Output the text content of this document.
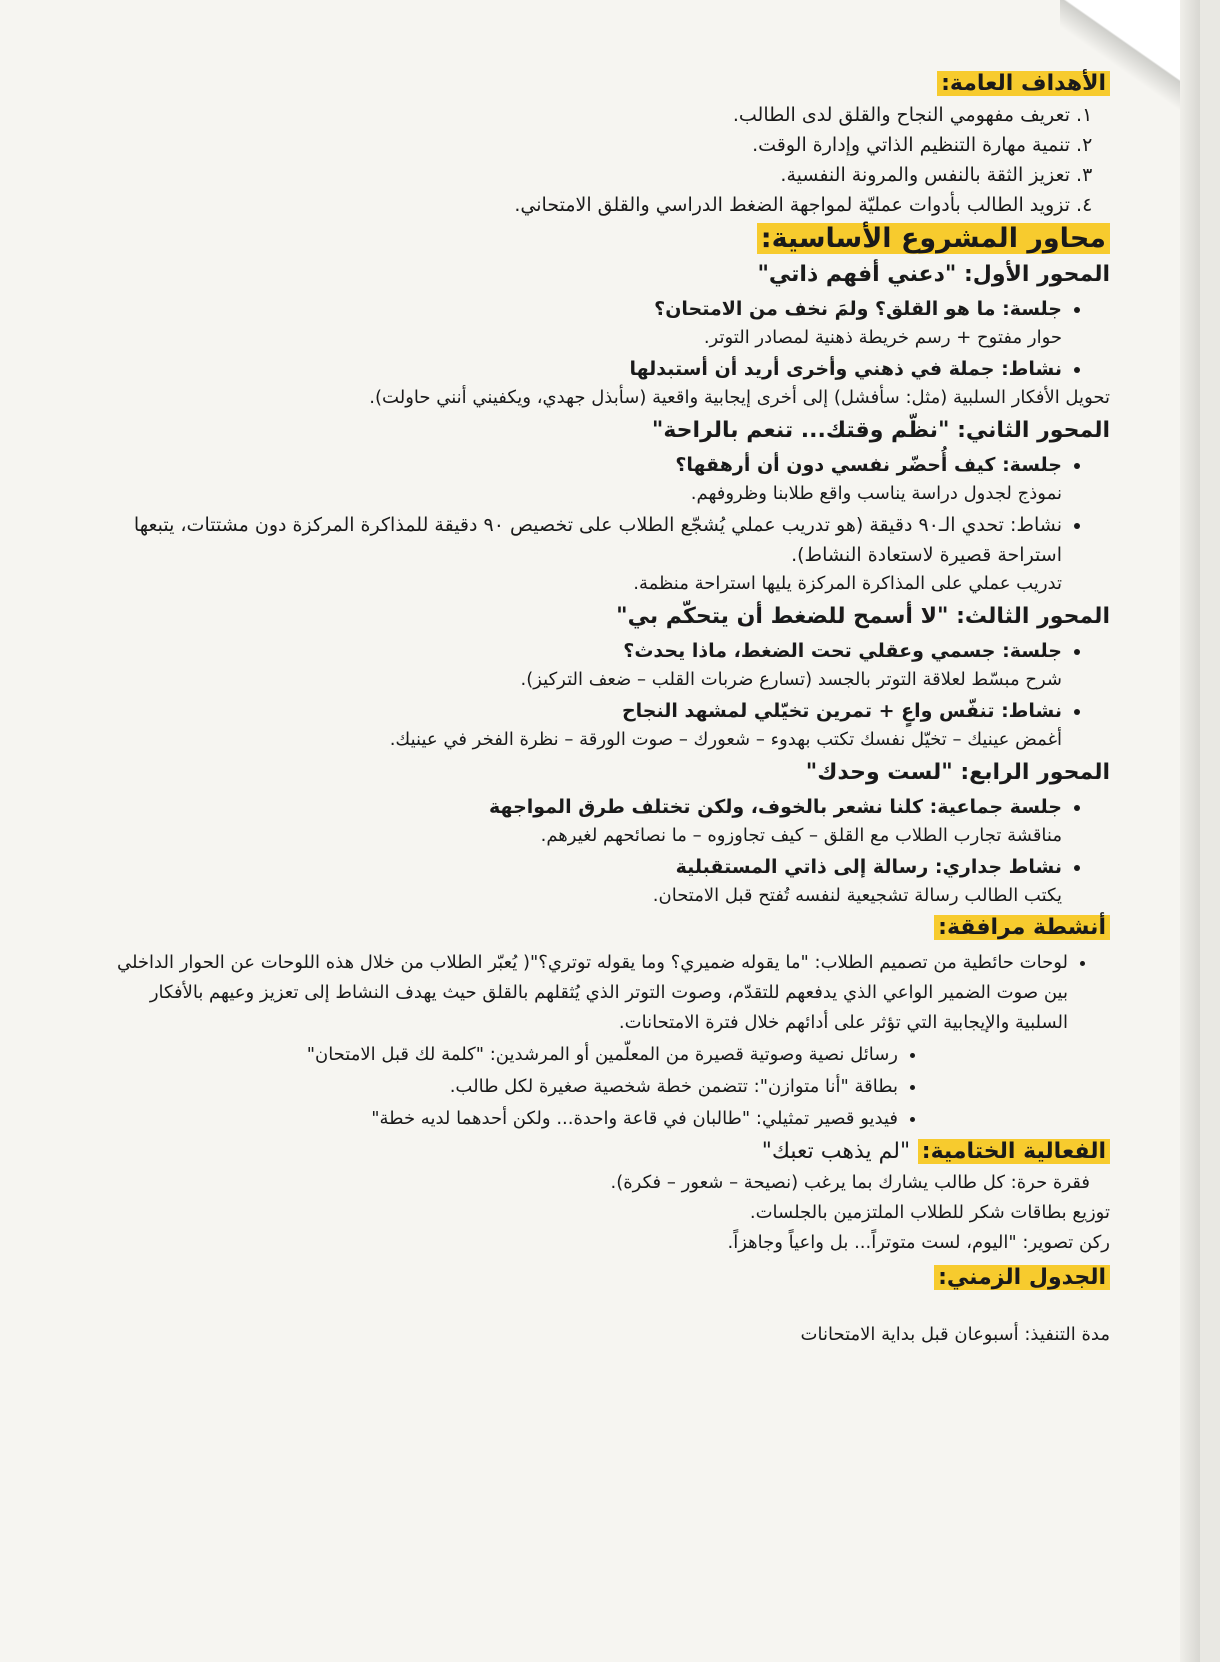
الأهداف العامة:
1. تعريف مفهومي النجاح والقلق لدى الطالب.
2. تنمية مهارة التنظيم الذاتي وإدارة الوقت.
3. تعزيز الثقة بالنفس والمرونة النفسية.
4. تزويد الطالب بأدوات عمليّة لمواجهة الضغط الدراسي والقلق الامتحاني.
محاور المشروع الأساسية:
المحور الأول: "دعني أفهم ذاتي"
• جلسة: ما هو القلق؟ ولمَ نخف من الامتحان؟
حوار مفتوح + رسم خريطة ذهنية لمصادر التوتر.
• نشاط: جملة في ذهني وأخرى أريد أن أستبدلها
تحويل الأفكار السلبية (مثل: سأفشل) إلى أخرى إيجابية واقعية (سأبذل جهدي، ويكفيني أنني حاولت).
المحور الثاني: "نظّم وقتك... تنعم بالراحة"
• جلسة: كيف أُحضّر نفسي دون أن أرهقها؟
نموذج لجدول دراسة يناسب واقع طلابنا وظروفهم.
• نشاط: تحدي الـ٩٠ دقيقة (هو تدريب عملي يُشجّع الطلاب على تخصيص ٩٠ دقيقة للمذاكرة المركزة دون مشتتات، يتبعها استراحة قصيرة لاستعادة النشاط).
تدريب عملي على المذاكرة المركزة يليها استراحة منظمة.
المحور الثالث: "لا أسمح للضغط أن يتحكّم بي"
• جلسة: جسمي وعقلي تحت الضغط، ماذا يحدث؟
شرح مبسّط لعلاقة التوتر بالجسد (تسارع ضربات القلب – ضعف التركيز).
• نشاط: تنفّس واعٍ + تمرين تخيّلي لمشهد النجاح
أغمض عينيك – تخيّل نفسك تكتب بهدوء – شعورك – صوت الورقة – نظرة الفخر في عينيك.
المحور الرابع: "لست وحدك"
• جلسة جماعية: كلنا نشعر بالخوف، ولكن تختلف طرق المواجهة
مناقشة تجارب الطلاب مع القلق – كيف تجاوزوه – ما نصائحهم لغيرهم.
• نشاط جداري: رسالة إلى ذاتي المستقبلية
يكتب الطالب رسالة تشجيعية لنفسه تُفتح قبل الامتحان.
أنشطة مرافقة:
• لوحات حائطية من تصميم الطلاب: "ما يقوله ضميري؟ وما يقوله توتري؟"( يُعبّر الطلاب من خلال هذه اللوحات عن الحوار الداخلي بين صوت الضمير الواعي الذي يدفعهم للتقدّم، وصوت التوتر الذي يُثقلهم بالقلق حيث يهدف النشاط إلى تعزيز وعيهم بالأفكار السلبية والإيجابية التي تؤثر على أدائهم خلال فترة الامتحانات.
• رسائل نصية وصوتية قصيرة من المعلّمين أو المرشدين: "كلمة لك قبل الامتحان"
• بطاقة "أنا متوازن": تتضمن خطة شخصية صغيرة لكل طالب.
• فيديو قصير تمثيلي: "طالبان في قاعة واحدة... ولكن أحدهما لديه خطة"
الفعالية الختامية: "لم يذهب تعبك"
فقرة حرة: كل طالب يشارك بما يرغب (نصيحة – شعور – فكرة).
توزيع بطاقات شكر للطلاب الملتزمين بالجلسات.
ركن تصوير: "اليوم، لست متوتراً... بل واعياً وجاهزاً.
الجدول الزمني:
مدة التنفيذ: أسبوعان قبل بداية الامتحانات
